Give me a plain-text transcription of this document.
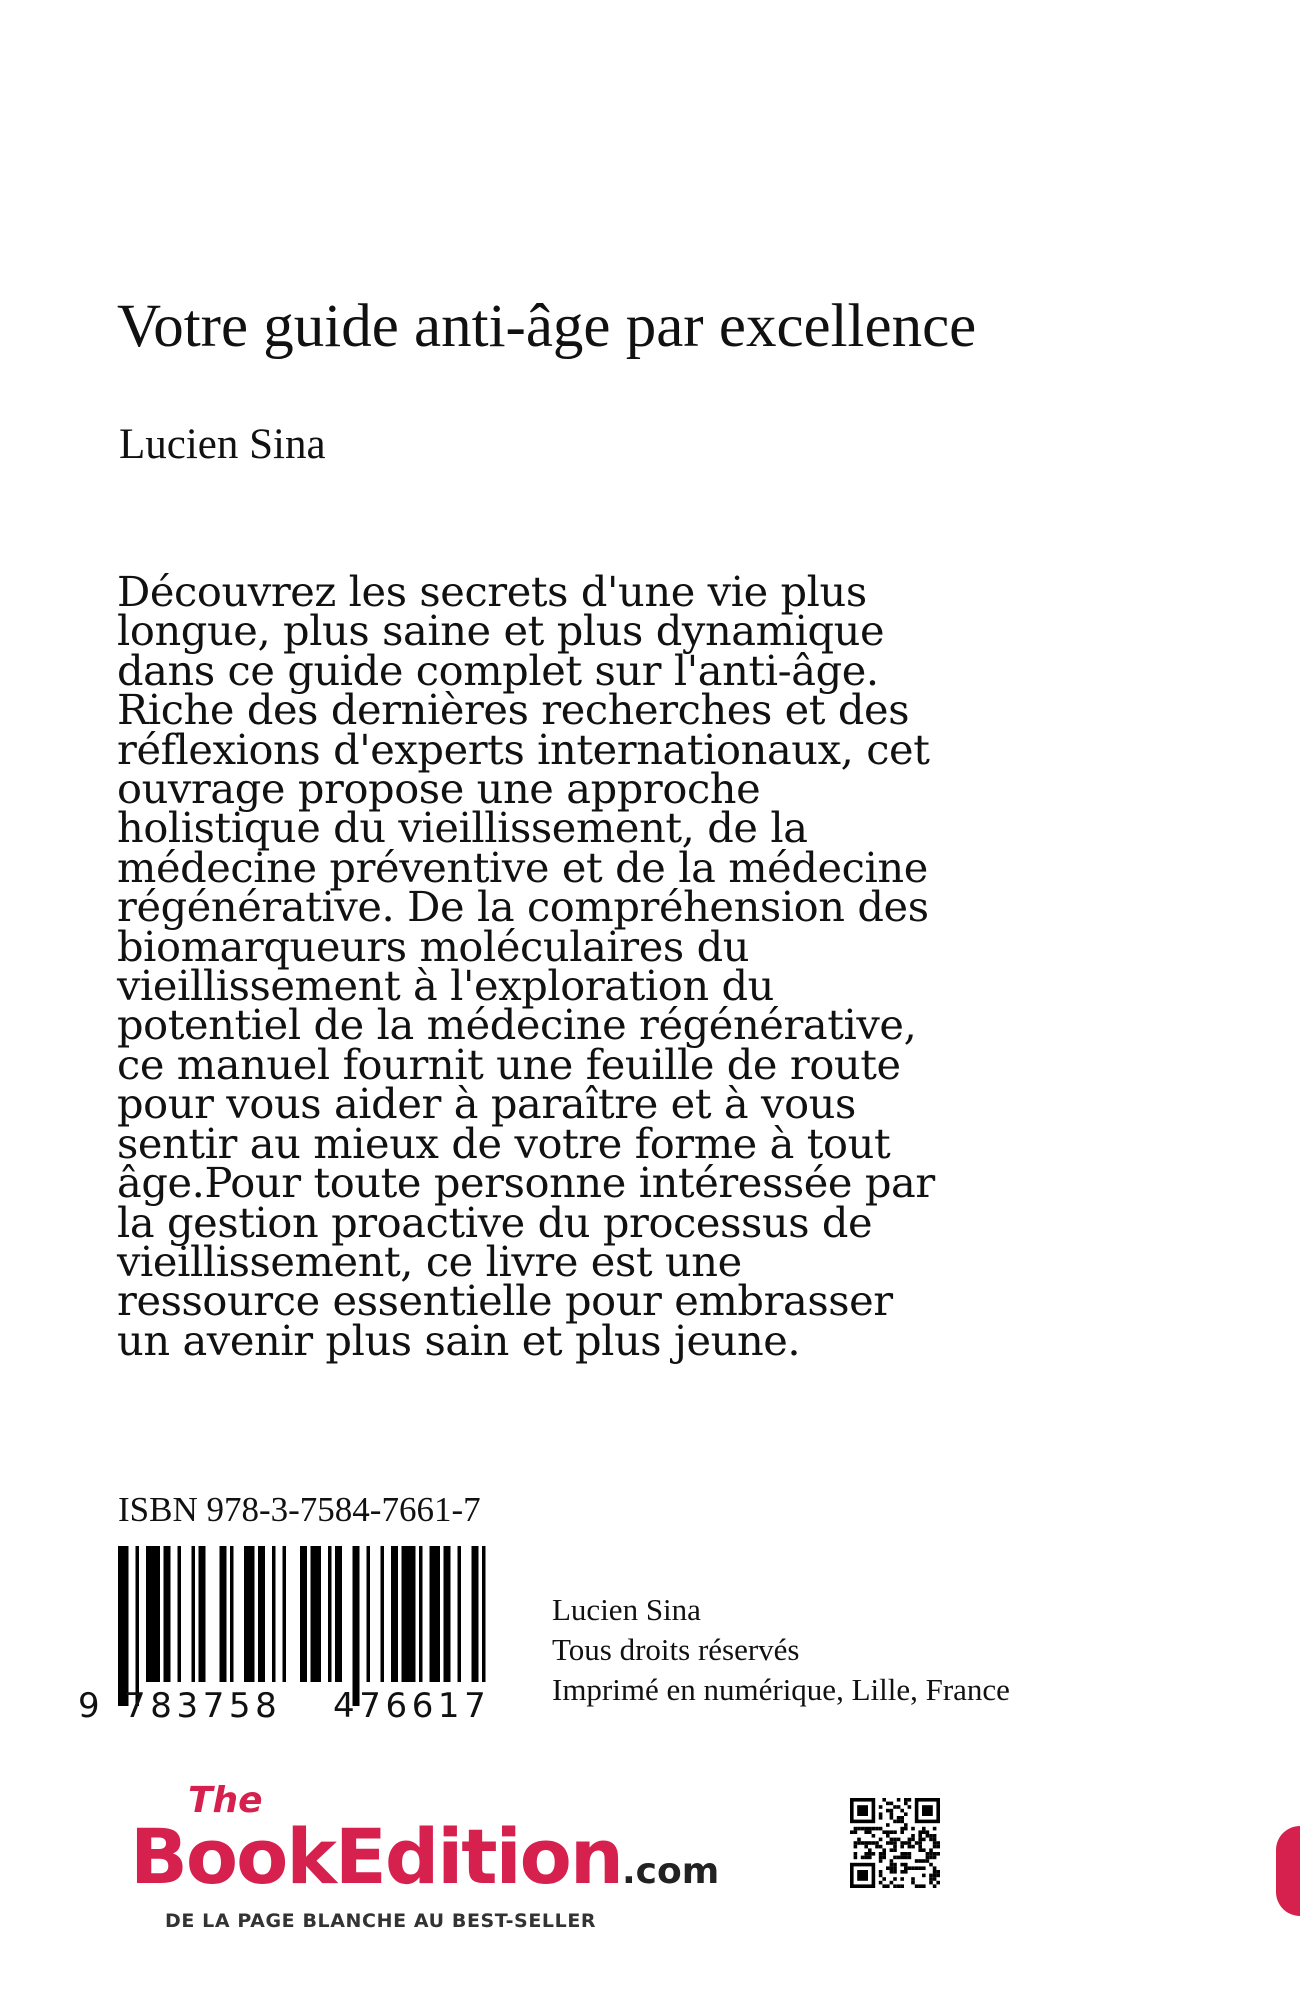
Votre guide anti-âge par excellence
Lucien Sina
Découvrez les secrets d'une vie plus
longue, plus saine et plus dynamique
dans ce guide complet sur l'anti-âge.
Riche des dernières recherches et des
réflexions d'experts internationaux, cet
ouvrage propose une approche
holistique du vieillissement, de la
médecine préventive et de la médecine
régénérative. De la compréhension des
biomarqueurs moléculaires du
vieillissement à l'exploration du
potentiel de la médecine régénérative,
ce manuel fournit une feuille de route
pour vous aider à paraître et à vous
sentir au mieux de votre forme à tout
âge.Pour toute personne intéressée par
la gestion proactive du processus de
vieillissement, ce livre est une
ressource essentielle pour embrasser
un avenir plus sain et plus jeune.
ISBN 978-3-7584-7661-7
9 783758 476617
Lucien Sina
Tous droits réservés
Imprimé en numérique, Lille, France
The
BookEdition.com
DE LA PAGE BLANCHE AU BEST-SELLER
